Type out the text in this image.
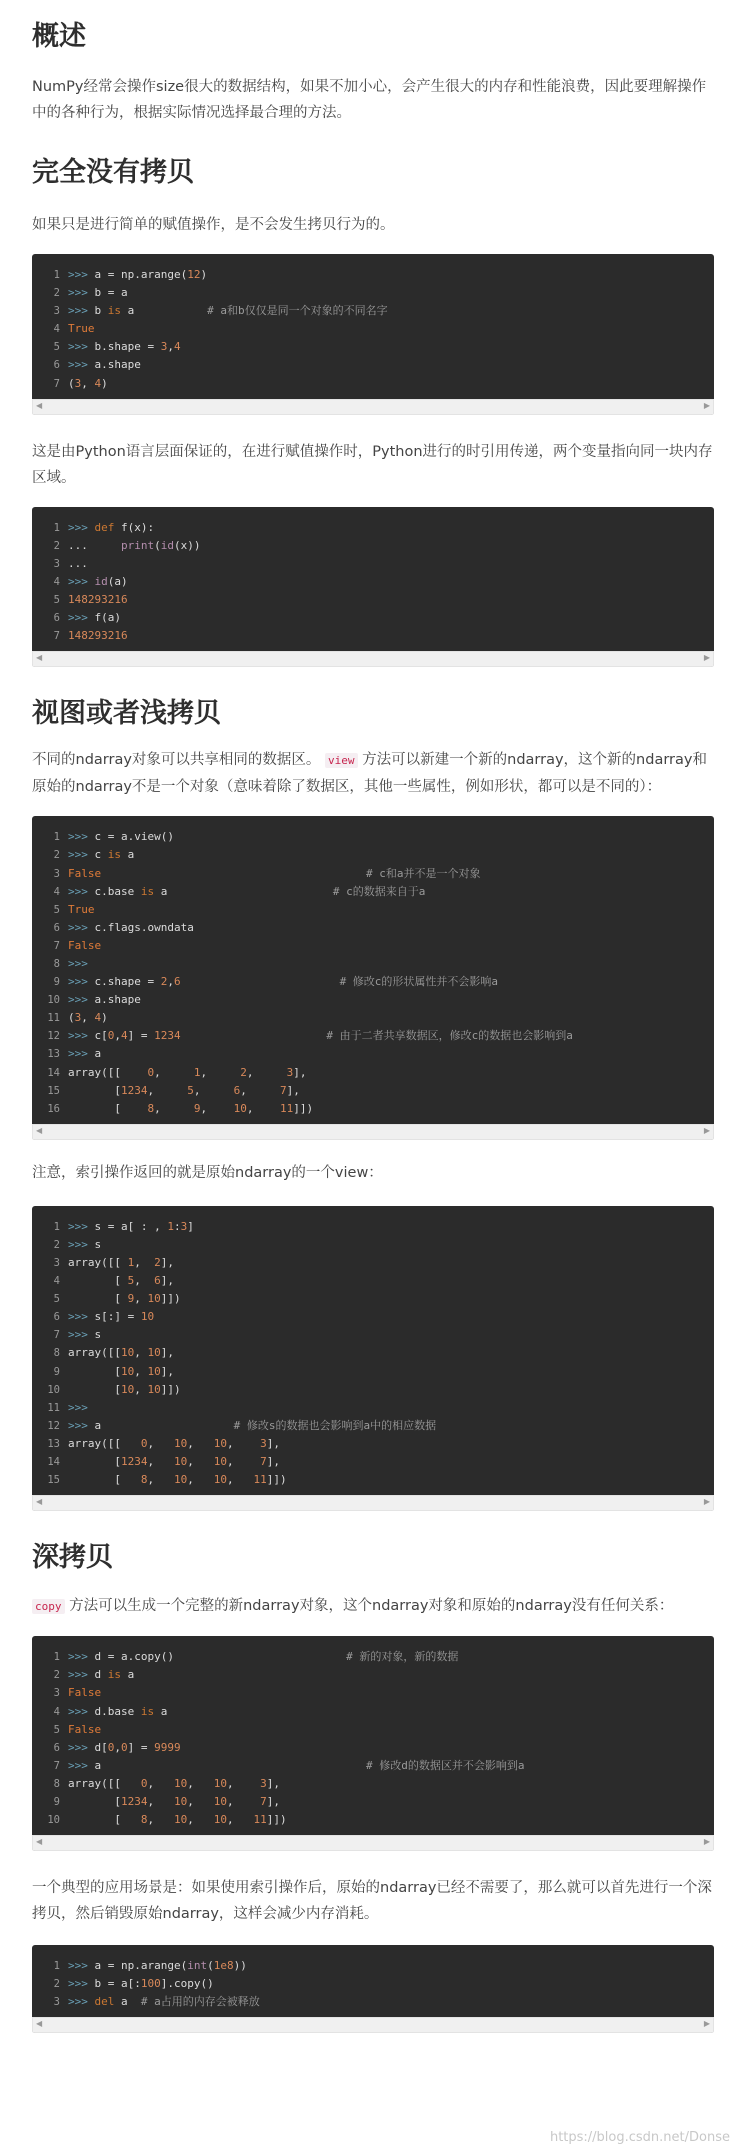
概述

NumPy经常会操作size很大的数据结构，如果不加小心，会产生很大的内存和性能浪费，因此要理解操作中的各种行为，根据实际情况选择最合理的方法。

完全没有拷贝

如果只是进行简单的赋值操作，是不会发生拷贝行为的。

1
2
3
4
5
6
7
>>> a = np.arange(12)
>>> b = a
>>> b is a           # a和b仅仅是同一个对象的不同名字
True
>>> b.shape = 3,4
>>> a.shape
(3, 4)
◀	▶

这是由Python语言层面保证的，在进行赋值操作时，Python进行的时引用传递，两个变量指向同一块内存区域。

1
2
3
4
5
6
7
>>> def f(x):
...     print(id(x))
...
>>> id(a)
148293216
>>> f(a)
148293216
◀	▶
视图或者浅拷贝

不同的ndarray对象可以共享相同的数据区。 view 方法可以新建一个新的ndarray，这个新的ndarray和原始的ndarray不是一个对象（意味着除了数据区，其他一些属性，例如形状，都可以是不同的）：

1
2
3
4
5
6
7
8
9
10
11
12
13
14
15
16
>>> c = a.view()
>>> c is a
False	# c和a并不是一个对象
>>> c.base is a                         # c的数据来自于a
True
>>> c.flags.owndata
False
>>>
>>> c.shape = 2,6	# 修改c的形状属性并不会影响a
>>> a.shape
(3, 4)
>>> c[0,4] = 1234	# 由于二者共享数据区，修改c的数据也会影响到a
>>> a
array([[    0,     1,     2,     3],
[1234,     5,     6,     7],
[    8,     9,    10,    11]])
◀	▶

注意，索引操作返回的就是原始ndarray的一个view：

1
2
3
4
5
6
7
8
9
10
11
12
13
14
15
>>> s = a[ : , 1:3]
>>> s
array([[ 1,  2],
[ 5,  6],
[ 9, 10]])
>>> s[:] = 10
>>> s
array([[10, 10],
[10, 10],
[10, 10]])
>>>
>>> a                    # 修改s的数据也会影响到a中的相应数据
array([[   0,   10,   10,    3],
[1234,   10,   10,    7],
[   8,   10,   10,   11]])
◀	▶
深拷贝

copy 方法可以生成一个完整的新ndarray对象，这个ndarray对象和原始的ndarray没有任何关系：

1
2
3
4
5
6
7
8
9
10
>>> d = a.copy()                          # 新的对象，新的数据
>>> d is a
False
>>> d.base is a
False
>>> d[0,0] = 9999
>>> a                                        # 修改d的数据区并不会影响到a
array([[   0,   10,   10,    3],
[1234,   10,   10,    7],
[   8,   10,   10,   11]])
◀	▶

一个典型的应用场景是：如果使用索引操作后，原始的ndarray已经不需要了，那么就可以首先进行一个深拷贝，然后销毁原始ndarray，这样会减少内存消耗。

1
2
3
>>> a = np.arange(int(1e8))
>>> b = a[:100].copy()
>>> del a  # a占用的内存会被释放
◀	▶
https://blog.csdn.net/Donse
